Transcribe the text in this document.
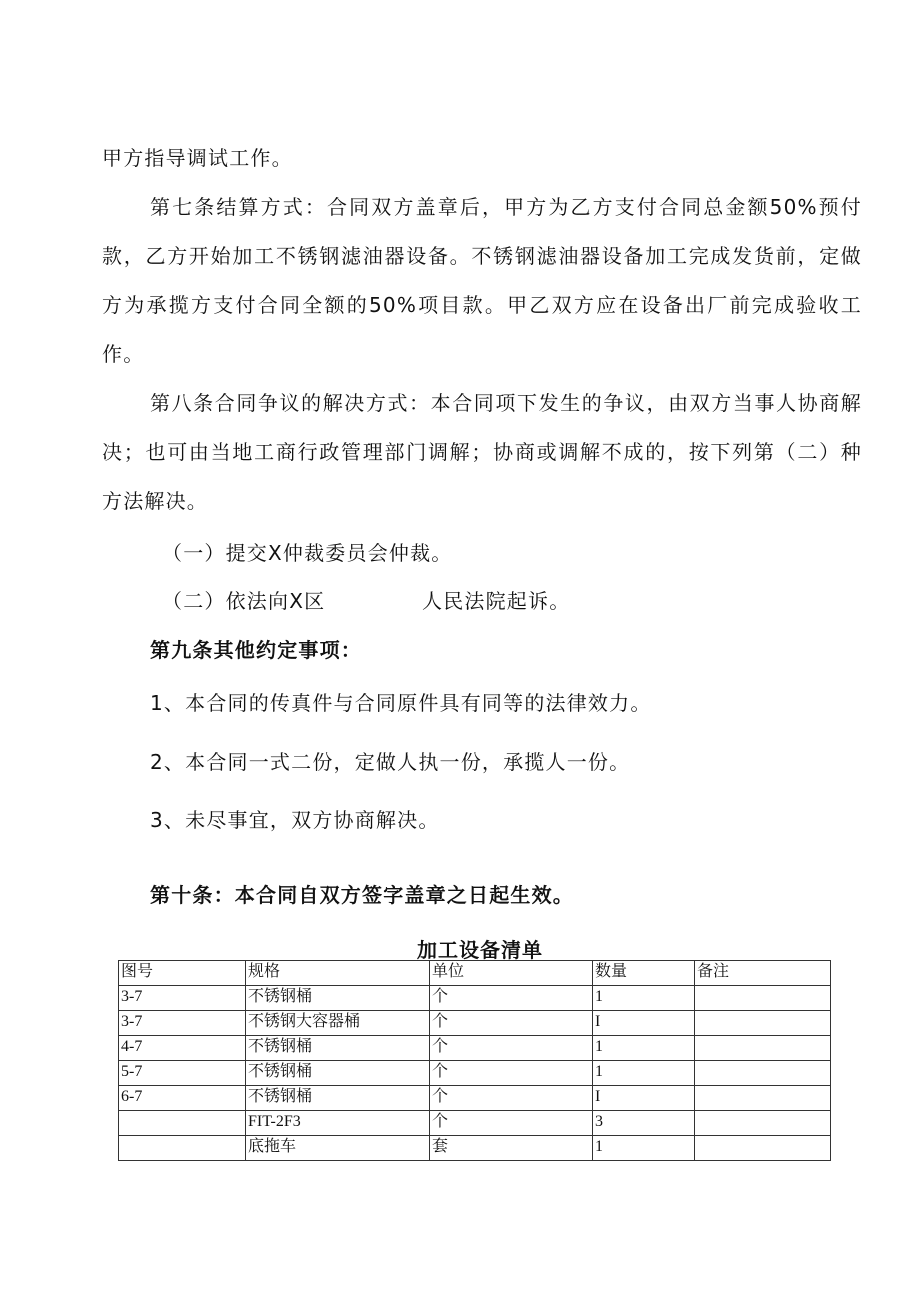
甲方指导调试工作。

第七条结算方式：合同双方盖章后，甲方为乙方支付合同总金额50%预付款，乙方开始加工不锈钢滤油器设备。不锈钢滤油器设备加工完成发货前，定做方为承揽方支付合同全额的50%项目款。甲乙双方应在设备出厂前完成验收工作。

第八条合同争议的解决方式：本合同项下发生的争议，由双方当事人协商解决；也可由当地工商行政管理部门调解；协商或调解不成的，按下列第（二）种方法解决。

（一）提交X仲裁委员会仲裁。

（二）依法向X区	人民法院起诉。

第九条其他约定事项：

1、本合同的传真件与合同原件具有同等的法律效力。

2、本合同一式二份，定做人执一份，承揽人一份。

3、未尽事宜，双方协商解决。

第十条：本合同自双方签字盖章之日起生效。

加工设备清单

图号	规格	单位	数量	备注
3-7	不锈钢桶	个	1	
3-7	不锈钢大容器桶	个	I	
4-7	不锈钢桶	个	1	
5-7	不锈钢桶	个	1	
6-7	不锈钢桶	个	I	
	FIT-2F3	个	3	
	底拖车	套	1	
